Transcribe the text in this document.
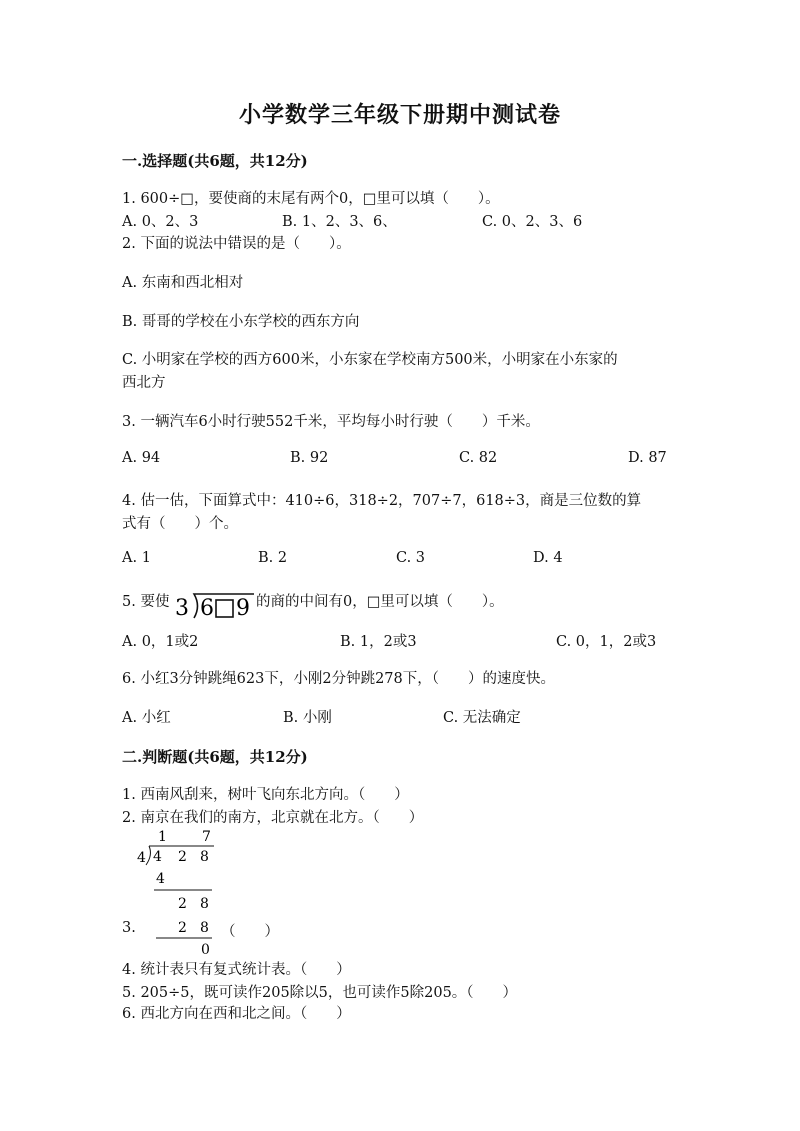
小学数学三年级下册期中测试卷
一.选择题(共6题，共12分)
1. 600÷□，要使商的末尾有两个0，□里可以填（　　）。
A. 0、2、3	B. 1、2、3、6、	C. 0、2、3、6
2. 下面的说法中错误的是（　　）。
A. 东南和西北相对
B. 哥哥的学校在小东学校的西东方向
C. 小明家在学校的西方600米，小东家在学校南方500米，小明家在小东家的
西北方
3. 一辆汽车6小时行驶552千米，平均每小时行驶（　　）千米。
A. 94	B. 92	C. 82	D. 87
4. 估一估，下面算式中：410÷6，318÷2，707÷7，618÷3，商是三位数的算
式有（　　）个。
A. 1	B. 2	C. 3	D. 4
5. 要使 3 6 9 的商的中间有0，□里可以填（　　）。
A. 0，1或2	B. 1，2或3	C. 0，1，2或3
6. 小红3分钟跳绳623下，小刚2分钟跳278下，（　　）的速度快。
A. 小红	B. 小刚	C. 无法确定
二.判断题(共6题，共12分)
1. 西南风刮来，树叶飞向东北方向。（　　）
2. 南京在我们的南方，北京就在北方。（　　）
1	7
4 4 2 8
4
2 8
2 8
0
3.	（　　）
4. 统计表只有复式统计表。（　　）
5. 205÷5，既可读作205除以5，也可读作5除205。（　　）
6. 西北方向在西和北之间。（　　）
